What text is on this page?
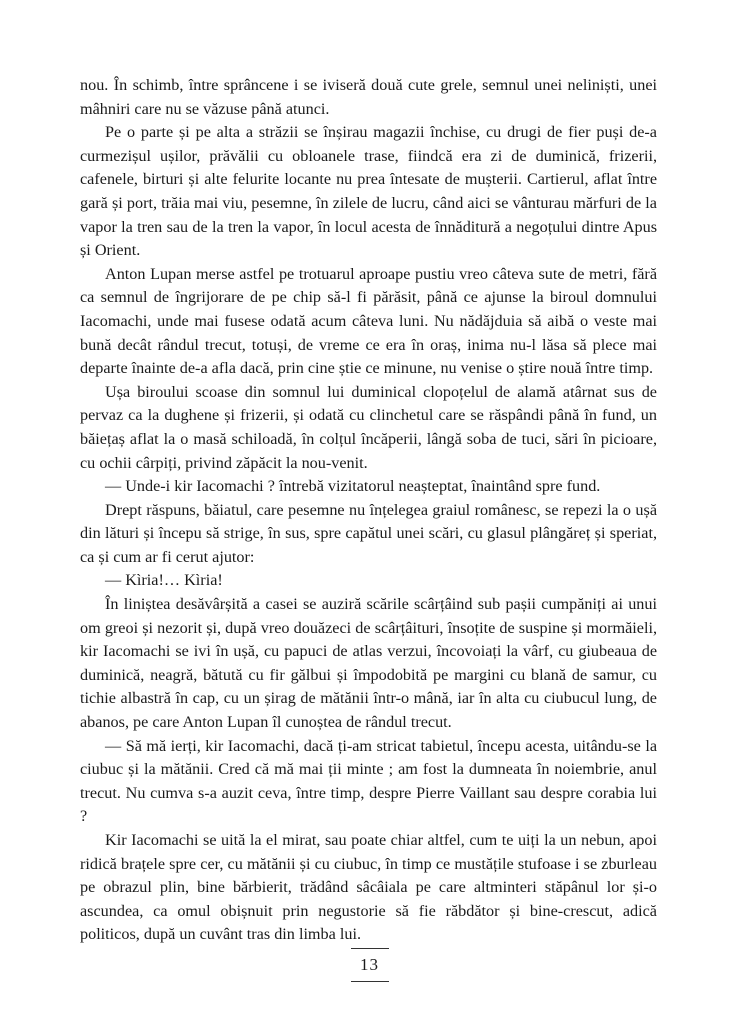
nou. În schimb, între sprâncene i se iviseră două cute grele, semnul unei neliniști, unei mâhniri care nu se văzuse până atunci.

Pe o parte și pe alta a străzii se înșirau magazii închise, cu drugi de fier puși de-a curmezișul ușilor, prăvălii cu obloanele trase, fiindcă era zi de duminică, frizerii, cafenele, birturi și alte felurite locante nu prea întesate de mușterii. Cartierul, aflat între gară și port, trăia mai viu, pesemne, în zilele de lucru, când aici se vânturau mărfuri de la vapor la tren sau de la tren la vapor, în locul acesta de înnăditură a negoțului dintre Apus și Orient.

Anton Lupan merse astfel pe trotuarul aproape pustiu vreo câteva sute de metri, fără ca semnul de îngrijorare de pe chip să-l fi părăsit, până ce ajunse la biroul domnului Iacomachi, unde mai fusese odată acum câteva luni. Nu nădăjduia să aibă o veste mai bună decât rândul trecut, totuși, de vreme ce era în oraș, inima nu-l lăsa să plece mai departe înainte de-a afla dacă, prin cine știe ce minune, nu venise o știre nouă între timp.

Ușa biroului scoase din somnul lui duminical clopoțelul de alamă atârnat sus de pervaz ca la dughene și frizerii, și odată cu clinchetul care se răspândi până în fund, un băiețaș aflat la o masă schiloadă, în colțul încăperii, lângă soba de tuci, sări în picioare, cu ochii cârpiți, privind zăpăcit la nou-venit.

— Unde-i kir Iacomachi ? întrebă vizitatorul neașteptat, înaintând spre fund.

Drept răspuns, băiatul, care pesemne nu înțelegea graiul românesc, se repezi la o ușă din lături și începu să strige, în sus, spre capătul unei scări, cu glasul plângăreț și speriat, ca și cum ar fi cerut ajutor:

— Kìria!… Kìria!

În liniștea desăvârșită a casei se auziră scările scârțâind sub pașii cumpăniți ai unui om greoi și nezorit și, după vreo douăzeci de scârțâituri, însoțite de suspine și mormăieli, kir Iacomachi se ivi în ușă, cu papuci de atlas verzui, încovoiați la vârf, cu giubeaua de duminică, neagră, bătută cu fir gălbui și împodobită pe margini cu blană de samur, cu tichie albastră în cap, cu un șirag de mătănii într-o mână, iar în alta cu ciubucul lung, de abanos, pe care Anton Lupan îl cunoștea de rândul trecut.

— Să mă ierți, kir Iacomachi, dacă ți-am stricat tabietul, începu acesta, uitându-se la ciubuc și la mătănii. Cred că mă mai ții minte ; am fost la dumneata în noiembrie, anul trecut. Nu cumva s-a auzit ceva, între timp, despre Pierre Vaillant sau despre corabia lui ?

Kir Iacomachi se uită la el mirat, sau poate chiar altfel, cum te uiți la un nebun, apoi ridică brațele spre cer, cu mătănii și cu ciubuc, în timp ce mustățile stufoase i se zburleau pe obrazul plin, bine bărbierit, trădând sâcâiala pe care altminteri stăpânul lor și-o ascundea, ca omul obișnuit prin negustorie să fie răbdător și bine-crescut, adică politicos, după un cuvânt tras din limba lui.

13
